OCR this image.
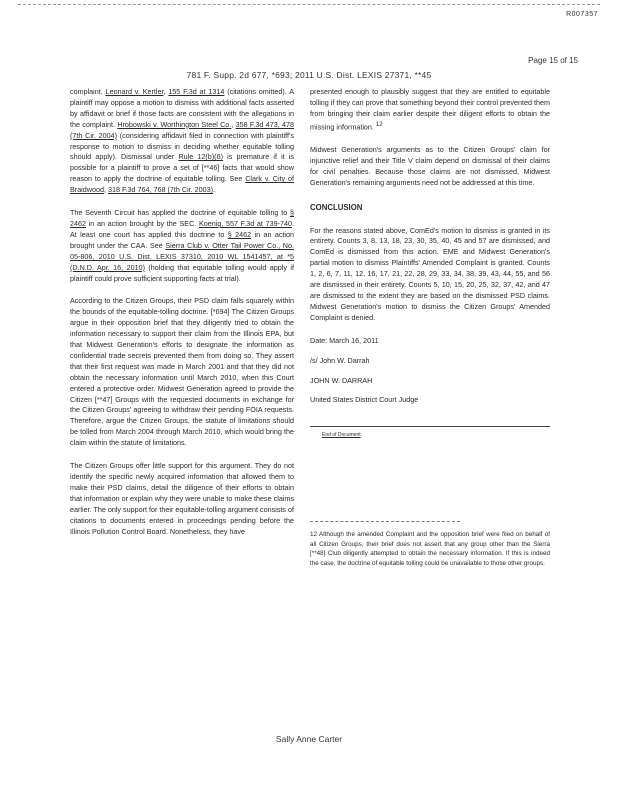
R007357
Page 15 of 15
781 F. Supp. 2d 677, *693; 2011 U.S. Dist. LEXIS 27371, **45

complaint. Leonard v. Kertler, 155 F.3d at 1314 (citations omitted). A plaintiff may oppose a motion to dismiss with additional facts asserted by affidavit or brief if those facts are consistent with the allegations in the complaint. Hrobowski v. Worthington Steel Co., 358 F.3d 473, 478 (7th Cir. 2004) (considering affidavit filed in connection with plaintiff's response to motion to dismiss in deciding whether equitable tolling should apply). Dismissal under Rule 12(b)(6) is premature if it is possible for a plaintiff to prove a set of [**46] facts that would show reason to apply the doctrine of equitable tolling. See Clark v. City of Braidwood, 318 F.3d 764, 768 (7th Cir. 2003).

The Seventh Circuit has applied the doctrine of equitable tolling to § 2462 in an action brought by the SEC. Koenig, 557 F.3d at 739-740. At least one court has applied this doctrine to § 2462 in an action brought under the CAA. See Sierra Club v. Otter Tail Power Co., No. 05-806, 2010 U.S. Dist. LEXIS 37310, 2010 WL 1541457, at *5 (D.N.D. Apr. 16, 2010) (holding that equitable tolling would apply if plaintiff could prove sufficient supporting facts at trial).

According to the Citizen Groups, their PSD claim falls squarely within the bounds of the equitable-tolling doctrine. [*694] The Citizen Groups argue in their opposition brief that they diligently tried to obtain the information necessary to support their claim from the Illinois EPA, but that Midwest Generation's efforts to designate the information as confidential trade secrets prevented them from doing so. They assert that their first request was made in March 2001 and that they did not obtain the necessary information until March 2010, when this Court entered a protective order. Midwest Generation agreed to provide the Citizen [**47] Groups with the requested documents in exchange for the Citizen Groups' agreeing to withdraw their pending FOIA requests. Therefore, argue the Citizen Groups, the statute of limitations should be tolled from March 2004 through March 2010, which would bring the claim within the statute of limitations.

The Citizen Groups offer little support for this argument. They do not identify the specific newly acquired information that allowed them to make their PSD claims, detail the diligence of their efforts to obtain that information or explain why they were unable to make these claims earlier. The only support for their equitable-tolling argument consists of citations to documents entered in proceedings pending before the Illinois Pollution Control Board. Nonetheless, they have

presented enough to plausibly suggest that they are entitled to equitable tolling if they can prove that something beyond their control prevented them from bringing their claim earlier despite their diligent efforts to obtain the missing information. $^{12}$

Midwest Generation's arguments as to the Citizen Groups' claim for injunctive relief and their Title V claim depend on dismissal of their claims for civil penalties. Because those claims are not dismissed, Midwest Generation's remaining arguments need not be addressed at this time.

CONCLUSION

For the reasons stated above, ComEd's motion to dismiss is granted in its entirety. Counts 3, 8, 13, 18, 23, 30, 35, 40, 45 and 57 are dismissed, and ComEd is dismissed from this action. EME and Midwest Generation's partial motion to dismiss Plaintiffs' Amended Complaint is granted. Counts 1, 2, 6, 7, 11, 12, 16, 17, 21, 22, 28, 29, 33, 34, 38, 39, 43, 44, 55, and 56 are dismissed in their entirety. Counts 5, 10, 15, 20, 25, 32, 37, 42, and 47 are dismissed to the extent they are based on the dismissed PSD claims. Midwest Generation's motion to dismiss the Citizen Groups' Amended Complaint is denied.

Date: March 16, 2011
/s/ John W. Darrah
JOHN W. DARRAH
United States District Court Judge
End of Document
12 Although the amended Complaint and the opposition brief were filed on behalf of all Citizen Groups, their brief does not assert that any group other than the Sierra [**48] Club diligently attempted to obtain the necessary information. If this is indeed the case, the doctrine of equitable tolling could be unavailable to those other groups.
Sally Anne Carter
